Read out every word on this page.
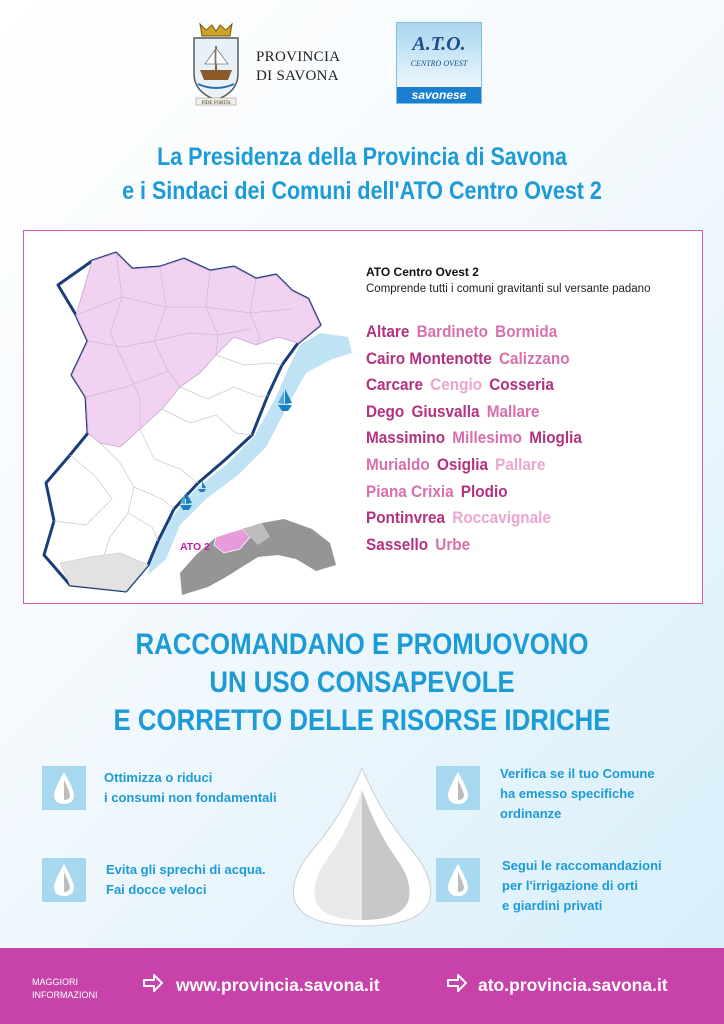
FIDE FORTIS
PROVINCIA
DI SAVONA
A.T.O.
CENTRO OVEST
savonese
La Presidenza della Provincia di Savona
e i Sindaci dei Comuni dell'ATO Centro Ovest 2
ATO 2
ATO Centro Ovest 2
Comprende tutti i comuni gravitanti sul versante padano
Altare Bardineto Bormida
Cairo Montenotte Calizzano
Carcare Cengio Cosseria
Dego Giusvalla Mallare
Massimino Millesimo Mioglia
Murialdo Osiglia Pallare
Piana Crixia Plodio
Pontinvrea Roccavignale
Sassello Urbe
RACCOMANDANO E PROMUOVONO
UN USO CONSAPEVOLE
E CORRETTO DELLE RISORSE IDRICHE
Ottimizza o riduci
i consumi non fondamentali
Verifica se il tuo Comune
ha emesso specifiche
ordinanze
Evita gli sprechi di acqua.
Fai docce veloci
Segui le raccomandazioni
per l'irrigazione di orti
e giardini privati
MAGGIORI
INFORMAZIONI	www.provincia.savona.it	ato.provincia.savona.it
